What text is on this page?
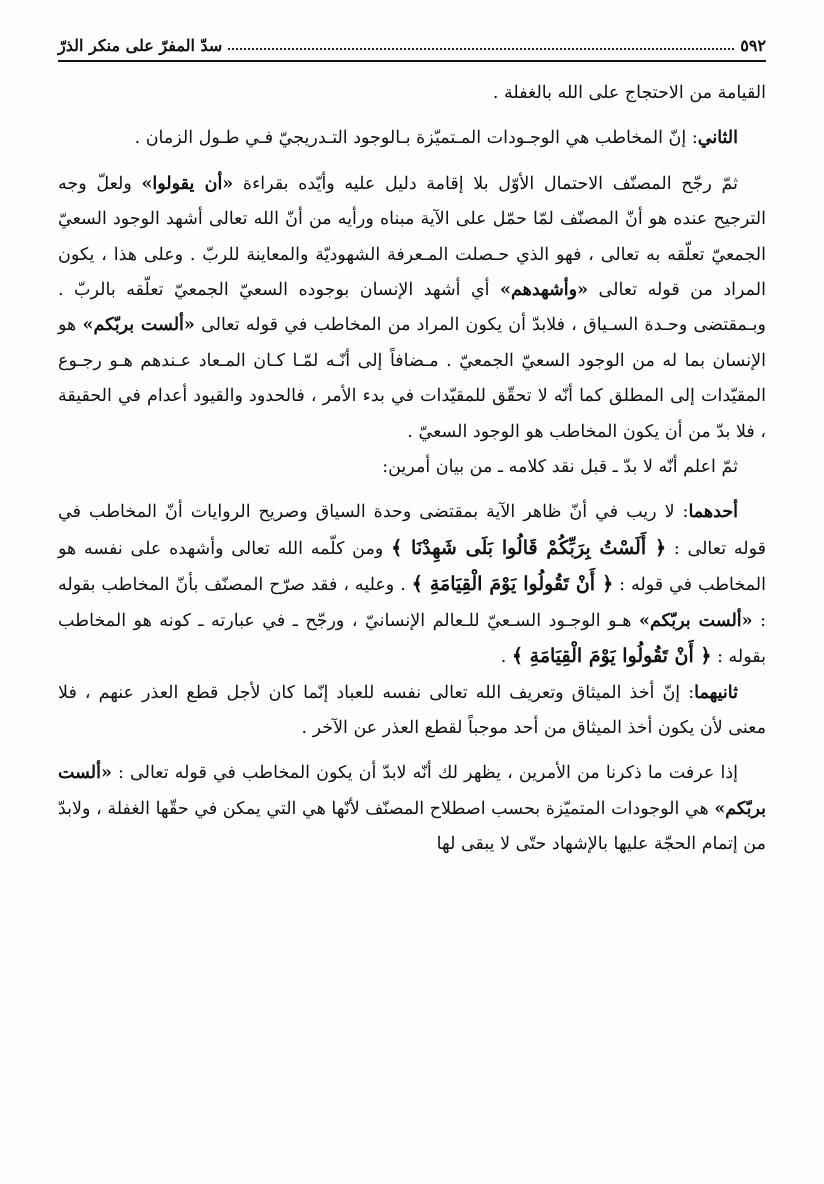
٥٩٢
سدّ المفرّ على منكر الذرّ

القيامة من الاحتجاج على الله بالغفلة .

الثاني: إنّ المخاطب هي الوجـودات المـتميّزة بـالوجود التـدريجيّ فـي طـول الزمان .

ثمّ رجّح المصنّف الاحتمال الأوّل بلا إقامة دليل عليه وأيّده بقراءة «أن يقولوا» ولعلّ وجه الترجيح عنده هو أنّ المصنّف لمّا حمّل على الآية مبناه ورأيه من أنّ الله تعالى أشهد الوجود السعيّ الجمعيّ تعلّقه به تعالى ، فهو الذي حـصلت المـعرفة الشهوديّة والمعاينة للربّ . وعلى هذا ، يكون المراد من قوله تعالى «وأشهدهم» أي أشهد الإنسان بوجوده السعيّ الجمعيّ تعلّقه بالربّ . وبـمقتضى وحـدة السـياق ، فلابدّ أن يكون المراد من المخاطب في قوله تعالى «ألست بربّكم» هو الإنسان بما له من الوجود السعيّ الجمعيّ . مـضافاً إلى أنّـه لمّـا كـان المـعاد عـندهم هـو رجـوع المقيّدات إلى المطلق كما أنّه لا تحقّق للمقيّدات في بدء الأمر ، فالحدود والقيود أعدام في الحقيقة ، فلا بدّ من أن يكون المخاطب هو الوجود السعيّ .

ثمّ اعلم أنّه لا بدّ ـ قبل نقد كلامه ـ من بيان أمرين:

أحدهما: لا ريب في أنّ ظاهر الآية بمقتضى وحدة السياق وصريح الروايات أنّ المخاطب في قوله تعالى : ﴿ أَلَسْتُ بِرَبِّكُمْ قَالُوا بَلَى شَهِدْنَا ﴾ ومن كلّمه الله تعالى وأشهده على نفسه هو المخاطب في قوله : ﴿ أَنْ تَقُولُوا يَوْمَ الْقِيَامَةِ ﴾ . وعليه ، فقد صرّح المصنّف بأنّ المخاطب بقوله : «ألست بربّكم» هـو الوجـود السـعيّ للـعالم الإنسانيّ ، ورجّح ـ في عبارته ـ كونه هو المخاطب بقوله : ﴿ أَنْ تَقُولُوا يَوْمَ الْقِيَامَةِ ﴾ .

ثانيهما: إنّ أخذ الميثاق وتعريف الله تعالى نفسه للعباد إنّما كان لأجل قطع العذر عنهم ، فلا معنى لأن يكون أخذ الميثاق من أحد موجباً لقطع العذر عن الآخر .

إذا عرفت ما ذكرنا من الأمرين ، يظهر لك أنّه لابدّ أن يكون المخاطب في قوله تعالى : «ألست بربّكم» هي الوجودات المتميّزة بحسب اصطلاح المصنّف لأنّها هي التي يمكن في حقّها الغفلة ، ولابدّ من إتمام الحجّة عليها بالإشهاد حتّى لا يبقى لها
